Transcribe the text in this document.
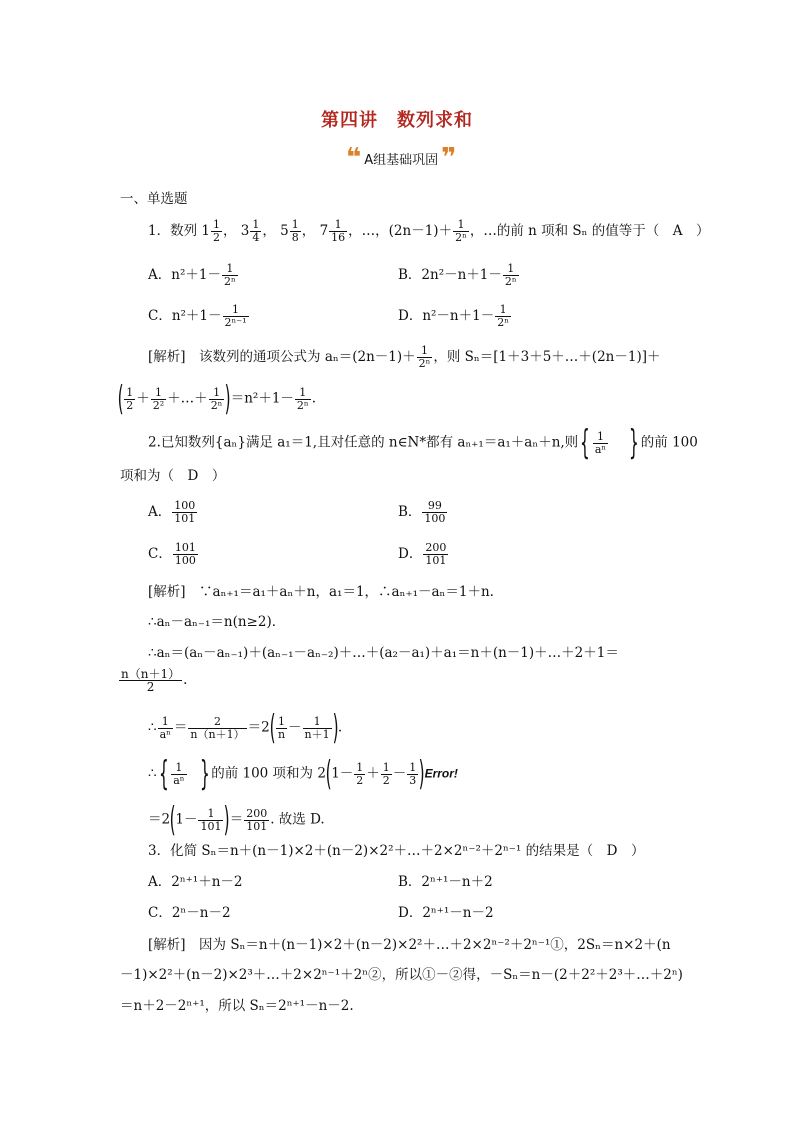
第四讲　数列求和
❝ A组基础巩固 ❞
一、单选题
1．数列 $1 \frac{1}{2}$ ， $3 \frac{1}{4}$ ， $5 \frac{1}{8}$ ， $7 \frac{1}{16}$ ，…，$(2n-1)+ \frac{1}{\text{2ⁿ}}$ ，…的前 n 项和 Sₙ 的值等于（　A　）
A．$n^2+1- \frac{1}{\text{2ⁿ}}$	B．$2n^2-n+1- \frac{1}{\text{2ⁿ}}$
C．$n^2+1- \frac{1}{\text{2ⁿ⁻¹}}$	D．$n^2-n+1- \frac{1}{\text{2ⁿ}}$
[解析]　该数列的通项公式为 $a_n=(2n-1)+ \frac{1}{\text{2ⁿ}}$ ，则 Sₙ＝[1＋3＋5＋…＋(2n－1)]＋
( $\frac{1}{2} + \frac{1}{\text{2²}}$ ＋…＋ $\frac{1}{\text{2ⁿ}} )=n^2+1- \frac{1}{\text{2ⁿ}}$ .
2.已知数列{aₙ}满足 a₁＝1,且对任意的 n∈N*都有 aₙ₊₁＝a₁＋aₙ＋n,则{ $\frac{1}{\text{aⁿ}}$ } 的前 100
项和为（　D　）
A． $\frac{100}{101}$	B． $\frac{99}{100}$
C． $\frac{101}{100}$	D． $\frac{200}{101}$
[解析]　∵aₙ₊₁＝a₁＋aₙ＋n，a₁＝1，∴aₙ₊₁－aₙ＝1＋n.
∴aₙ－aₙ₋₁＝n(n≥2)．
∴aₙ＝(aₙ－aₙ₋₁)＋(aₙ₋₁－aₙ₋₂)＋…＋(a₂－a₁)＋a₁＝n＋(n－1)＋…＋2＋1＝
$\frac{n(n+1)}{2}$ .
∴ $\frac{1}{\text{aⁿ}} = \frac{2}{n(n+1)} =2( \frac{1}{n} - \frac{1}{n+1}$ ).
∴{ $\frac{1}{\text{aⁿ}}$ } 的前 100 项和为 $2(1- \frac{1}{2} + \frac{1}{2} - \frac{1}{3}$ )Error!
$=2(1- \frac{1}{101}$ )＝ $\frac{200}{101}$ . 故选 D.
3．化简 Sₙ＝n＋(n－1)×2＋(n－2)×2²＋…＋2×2ⁿ⁻²＋2ⁿ⁻¹ 的结果是（　D　）
A．2ⁿ⁺¹＋n－2	B．2ⁿ⁺¹－n＋2
C．2ⁿ－n－2	D．2ⁿ⁺¹－n－2
[解析]　因为 Sₙ＝n＋(n－1)×2＋(n－2)×2²＋…＋2×2ⁿ⁻²＋2ⁿ⁻¹①，2Sₙ＝n×2＋(n
－1)×2²＋(n－2)×2³＋…＋2×2ⁿ⁻¹＋2ⁿ②，所以①－②得，－Sₙ＝n－(2＋2²＋2³＋…＋2ⁿ)
＝n＋2－2ⁿ⁺¹，所以 Sₙ＝2ⁿ⁺¹－n－2.
